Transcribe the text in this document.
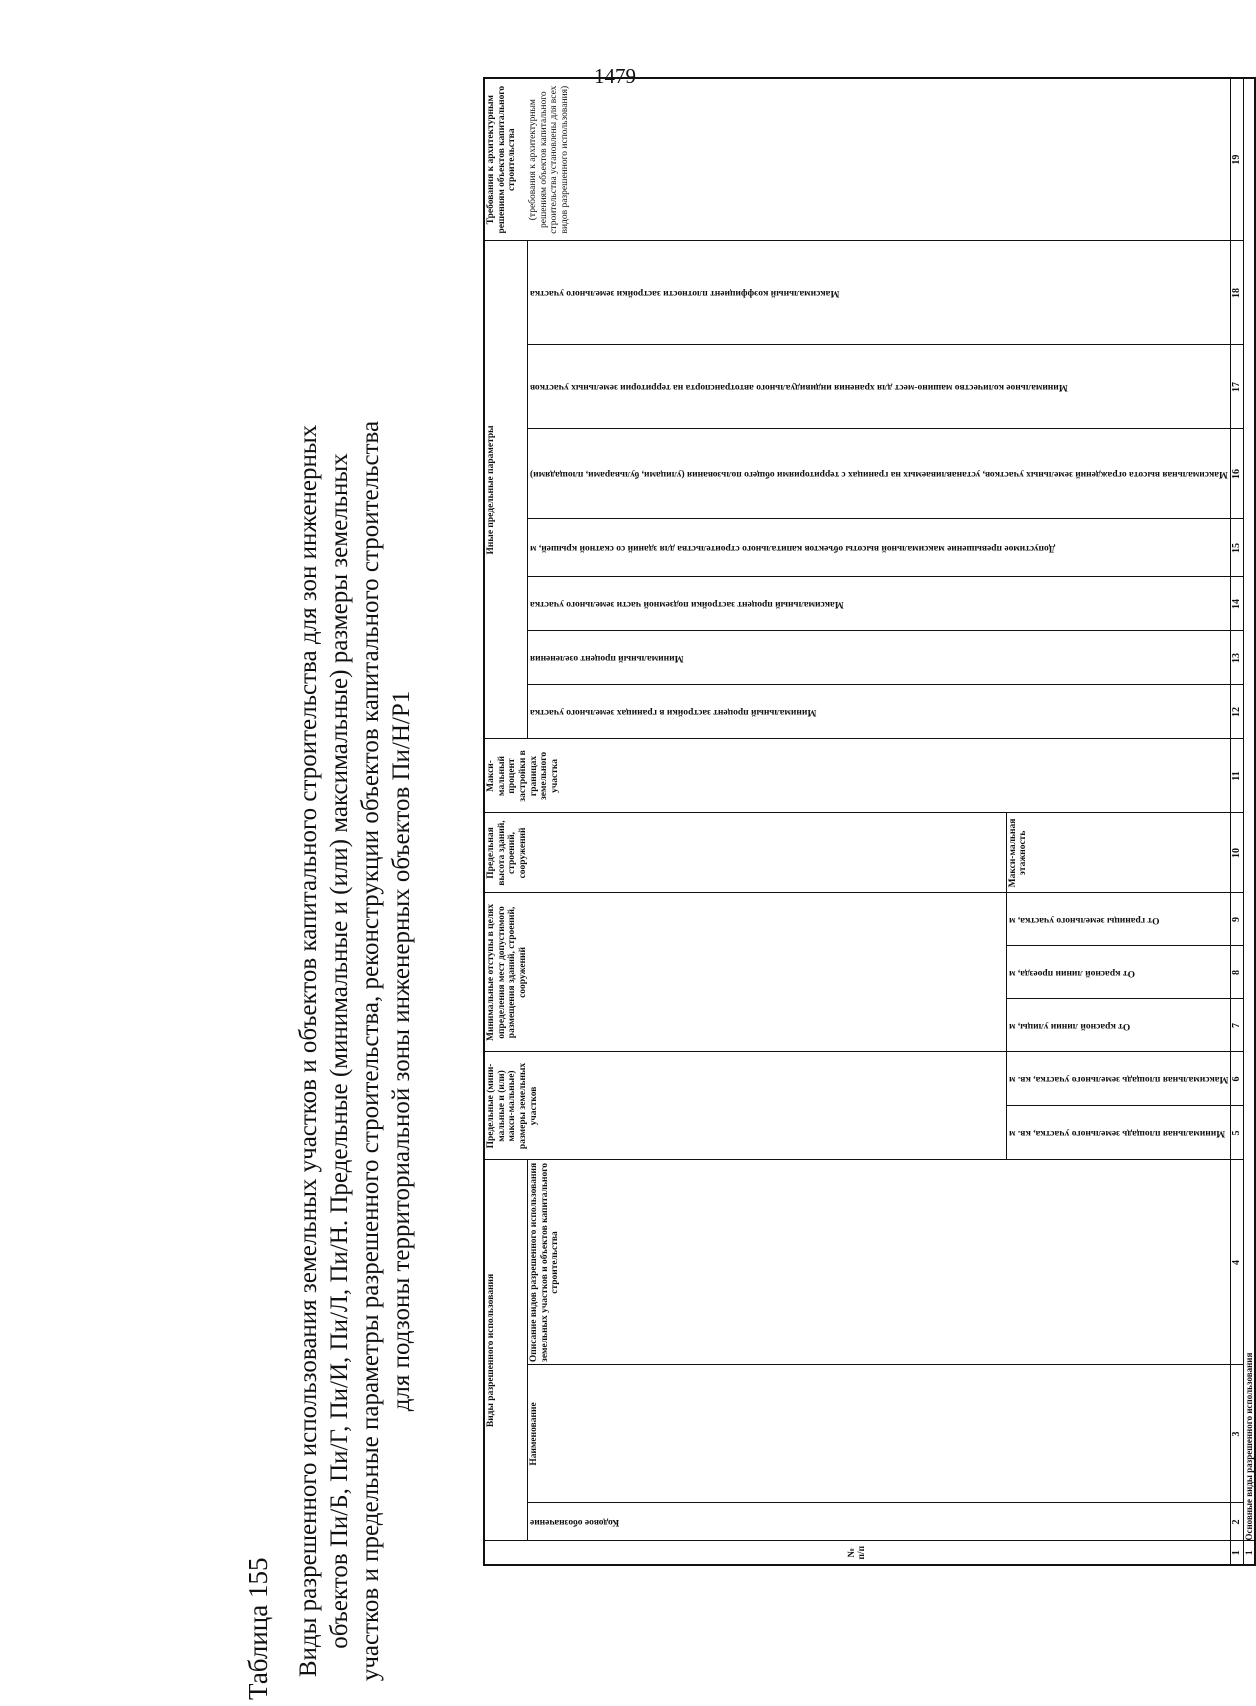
1479
Таблица 155 Виды разрешенного использования земельных участков и объектов капитального строительства для зон инженерных объектов Пи/Б, Пи/Г, Пи/И, Пи/Л, Пи/Н. Предельные (минимальные и (или) максимальные) размеры земельных участков и предельные параметры разрешенного строительства, реконструкции объектов капитального строительства для подзоны территориальной зоны инженерных объектов Пи/Н/Р1
№ п/п	Виды разрешенного использования			Предельные (мини-мальные и (или) макси-мальные) размеры земельных участков		Минимальные отступы в целях определения мест допустимого размещения зданий, строений, сооружений			Предельная высота зданий, строений, сооружений	Макси-мальный процент застройки в границах земельного участка	Иные предельные параметры							Требования к архитектурным решениям объектов капитального строительства (требования к архитектурным решениям объектов капитального строительства установлены для всех видов разрешенного использования)

	Кодовое обозначение	Наименование	Описание видов разрешенного использования земельных участков и объектов капитального строительства								Минимальный процент застройки в границах земельного участка	Минимальный процент озеленения	Максимальный процент застройки подземной части земельного участка	Допустимое превышение максимальной высоты объектов капитального строительства для зданий со скатной крышей, м	Максимальная высота ограждений земельных участков, устанавливаемых на границах с территориями общего пользования (улицами, бульварами, площадями)	Минимальное количество машино-мест для хранения индивидуального автотранспорта на территории земельных участков	Максимальный коэффициент плотности застройки земельного участка	

				Минимальная площадь земельного участка, кв. м	Максимальная площадь земельного участка, кв. м	От красной линии улицы, м	От красной линии проезда, м	От границы земельного участка, м	Макси-мальная этажность									
1	2	3	4	5	6	7	8	9	10	11	12	13	14	15	16	17	18	19
1	Основные виды разрешенного использования																	
